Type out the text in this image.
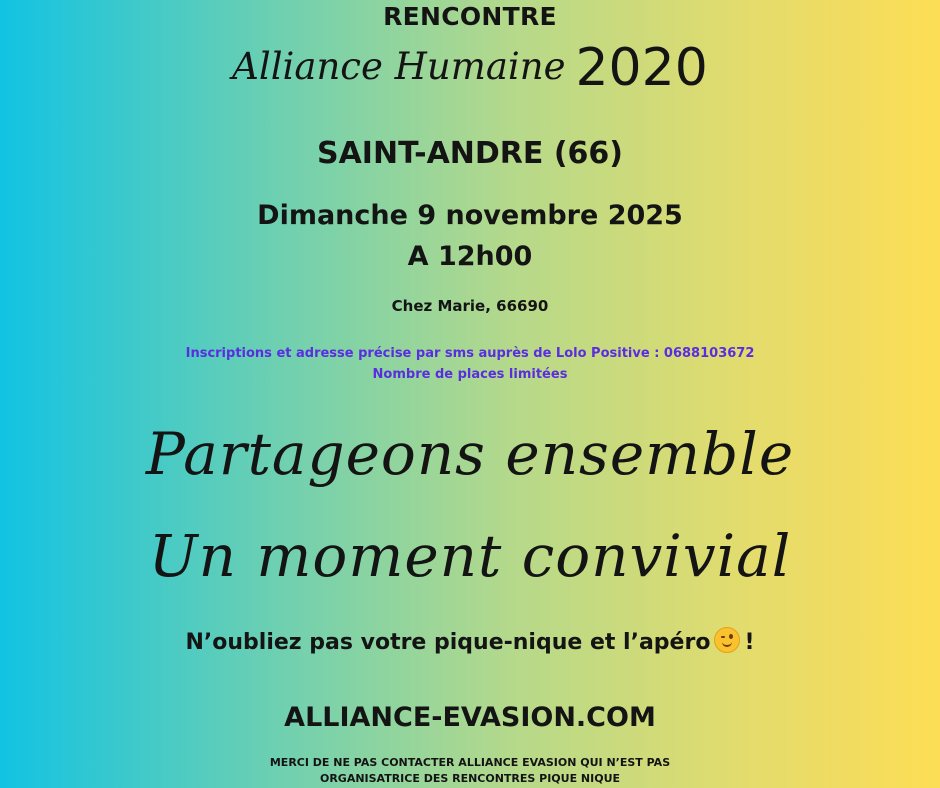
RENCONTRE
Alliance Humaine 2020
SAINT-ANDRE (66)
Dimanche 9 novembre 2025
A 12h00
Chez Marie, 66690
Inscriptions et adresse précise par sms auprès de Lolo Positive : 0688103672
Nombre de places limitées
Partageons ensemble
Un moment convivial
N’oubliez pas votre pique-nique et l’apéro !
ALLIANCE-EVASION.COM
MERCI DE NE PAS CONTACTER ALLIANCE EVASION QUI N’EST PAS
ORGANISATRICE DES RENCONTRES PIQUE NIQUE
